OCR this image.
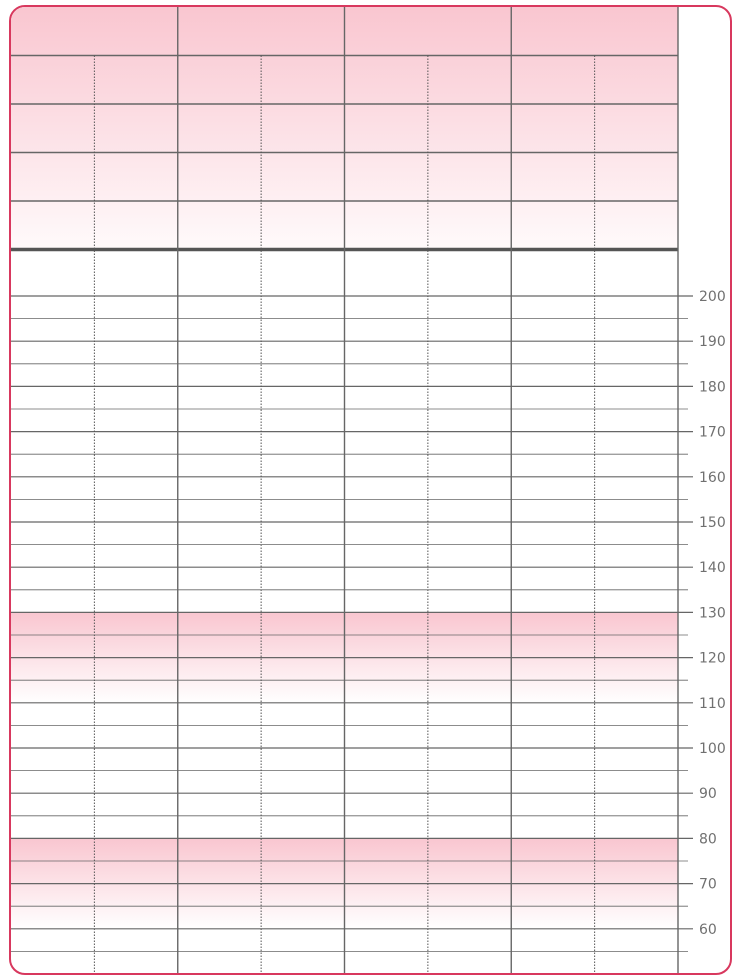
200
190
180
170
160
150
140
130
120
110
100
90
80
70
60
